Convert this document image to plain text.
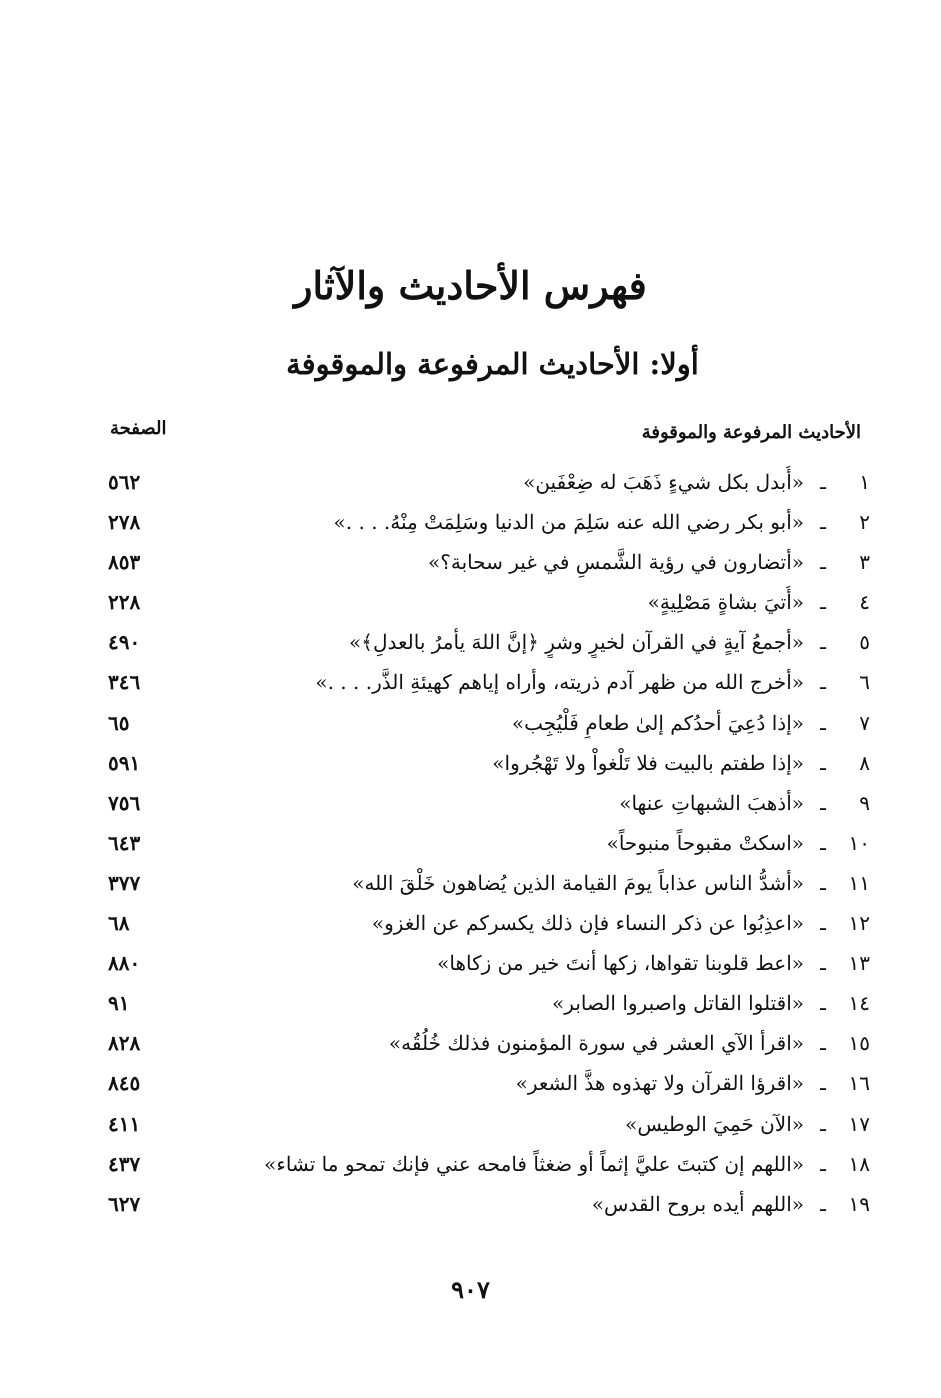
فهرس الأحاديث والآثار
أولا: الأحاديث المرفوعة والموقوفة
الأحاديث المرفوعة والموقوفة
الصفحة
١
ـ
«أُبدل بكل شيءٍ ذَهَبَ له ضِعْفَين»
٥٦٢
٢
ـ
«أبو بكر رضي الله عنه سَلِمَ من الدنيا وسَلِمَتْ مِنْهُ. . . .»
٢٧٨
٣
ـ
«أتضارون في رؤية الشَّمسِ في غير سحابة؟»
٨٥٣
٤
ـ
«أُتيَ بشاةٍ مَصْلِيةٍ»
٢٢٨
٥
ـ
«أجمعُ آيةٍ في القرآن لخيرٍ وشرٍ ﴿إنَّ اللهَ يأمرُ بالعدلِ﴾»
٤٩٠
٦
ـ
«أخرج الله من ظهر آدم ذريته، وأراه إياهم كهيئةِ الذَّر. . . .»
٣٤٦
٧
ـ
«إذا دُعِيَ أحدُكم إلىٰ طعامٍ فَلْيُجِب»
٦٥
٨
ـ
«إذا طفتم بالبيت فلا تَلْغواْ ولا تَهْجُروا»
٥٩١
٩
ـ
«أذهبَ الشبهاتِ عنها»
٧٥٦
١٠
ـ
«اسكتْ مقبوحاً منبوحاً»
٦٤٣
١١
ـ
«أشدُّ الناس عذاباً يومَ القيامة الذين يُضاهون خَلْقَ الله»
٣٧٧
١٢
ـ
«اعذِبُوا عن ذكر النساء فإن ذلك يكسركم عن الغزو»
٦٨
١٣
ـ
«اعط قلوبنا تقواها، زكها أنتَ خير من زكاها»
٨٨٠
١٤
ـ
«اقتلوا القاتل واصبروا الصابر»
٩١
١٥
ـ
«اقرأ الآي العشر في سورة المؤمنون فذلك خُلُقُه»
٨٢٨
١٦
ـ
«اقرؤا القرآن ولا تهذوه هذَّ الشعر»
٨٤٥
١٧
ـ
«الآن حَمِيَ الوطيس»
٤١١
١٨
ـ
«اللهم إن كتبتَ عليَّ إثماً أو ضغثاً فامحه عني فإنك تمحو ما تشاء»
٤٣٧
١٩
ـ
«اللهم أيده بروح القدس»
٦٢٧
٩٠٧
